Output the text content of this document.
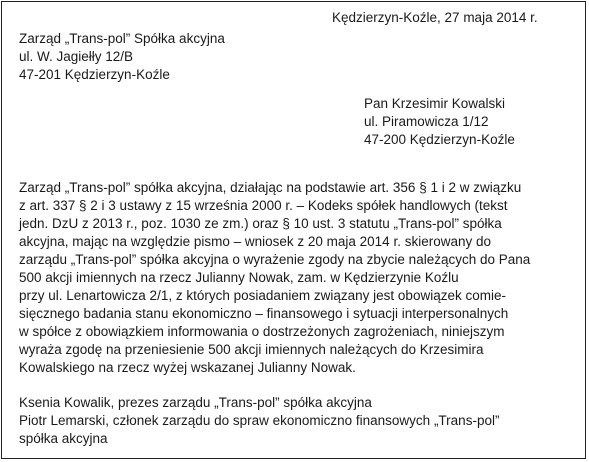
Kędzierzyn-Koźle, 27 maja 2014 r.
Zarząd „Trans-pol” Spółka akcyjna
ul. W. Jagiełły 12/B
47-201 Kędzierzyn-Koźle
Pan Krzesimir Kowalski
ul. Piramowicza 1/12
47-200 Kędzierzyn-Koźle
Zarząd „Trans-pol” spółka akcyjna, działając na podstawie art. 356 § 1 i 2 w związku
z art. 337 § 2 i 3 ustawy z 15 września 2000 r. – Kodeks spółek handlowych (tekst
jedn. DzU z 2013 r., poz. 1030 ze zm.) oraz § 10 ust. 3 statutu „Trans-pol” spółka
akcyjna, mając na względzie pismo – wniosek z 20 maja 2014 r. skierowany do
zarządu „Trans-pol” spółka akcyjna o wyrażenie zgody na zbycie należących do Pana
500 akcji imiennych na rzecz Julianny Nowak, zam. w Kędzierzynie Koźlu
przy ul. Lenartowicza 2/1, z których posiadaniem związany jest obowiązek comie-
sięcznego badania stanu ekonomiczno – finansowego i sytuacji interpersonalnych
w spółce z obowiązkiem informowania o dostrzeżonych zagrożeniach, niniejszym
wyraża zgodę na przeniesienie 500 akcji imiennych należących do Krzesimira
Kowalskiego na rzecz wyżej wskazanej Julianny Nowak.
Ksenia Kowalik, prezes zarządu „Trans-pol” spółka akcyjna
Piotr Lemarski, członek zarządu do spraw ekonomiczno finansowych „Trans-pol”
spółka akcyjna
